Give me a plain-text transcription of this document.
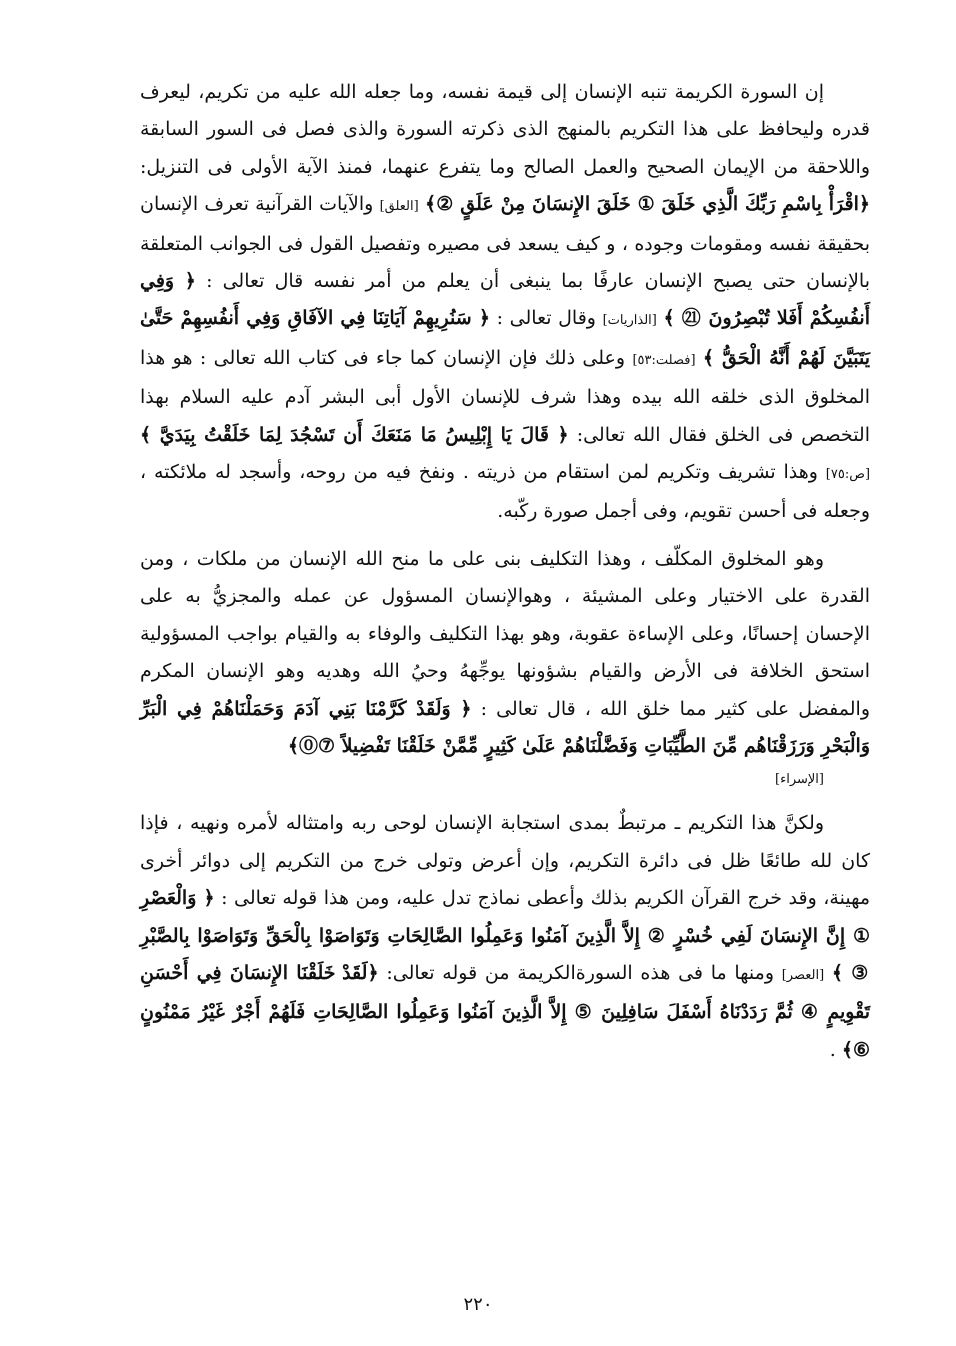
إن السورة الكريمة تنبه الإنسان إلى قيمة نفسه، وما جعله الله عليه من تكريم، ليعرف قدره وليحافظ على هذا التكريم بالمنهج الذى ذكرته السورة والذى فصل فى السور السابقة واللاحقة من الإيمان الصحيح والعمل الصالح وما يتفرع عنهما، فمنذ الآية الأولى فى التنزيل: ﴿اقْرَأْ بِاسْمِ رَبِّكَ الَّذِي خَلَقَ ① خَلَقَ الإِنسَانَ مِنْ عَلَقٍ ②﴾ [العلق] والآيات القرآنية تعرف الإنسان بحقيقة نفسه ومقومات وجوده ، و كيف يسعد فى مصيره وتفصيل القول فى الجوانب المتعلقة بالإنسان حتى يصبح الإنسان عارفًا بما ينبغى أن يعلم من أمر نفسه قال تعالى : ﴿ وَفِي أَنفُسِكُمْ أَفَلا تُبْصِرُونَ ㉑ ﴾ [الذاريات] وقال تعالى : ﴿ سَنُرِيهِمْ آيَاتِنَا فِي الآفَاقِ وَفِي أَنفُسِهِمْ حَتَّىٰ يَتَبَيَّنَ لَهُمْ أَنَّهُ الْحَقُّ ﴾ [فصلت:٥٣] وعلى ذلك فإن الإنسان كما جاء فى كتاب الله تعالى : هو هذا المخلوق الذى خلقه الله بيده وهذا شرف للإنسان الأول أبى البشر آدم عليه السلام بهذا التخصص فى الخلق فقال الله تعالى: ﴿ قَالَ يَا إِبْلِيسُ مَا مَنَعَكَ أَن تَسْجُدَ لِمَا خَلَقْتُ بِيَدَيَّ ﴾ [ص:٧٥] وهذا تشريف وتكريم لمن استقام من ذريته . ونفخ فيه من روحه، وأسجد له ملائكته ، وجعله فى أحسن تقويم، وفى أجمل صورة ركّبه.

وهو المخلوق المكلّف ، وهذا التكليف بنى على ما منح الله الإنسان من ملكات ، ومن القدرة على الاختيار وعلى المشيئة ، وهوالإنسان المسؤول عن عمله والمجزيُّ به على الإحسان إحسانًا، وعلى الإساءة عقوبة، وهو بهذا التكليف والوفاء به والقيام بواجب المسؤولية استحق الخلافة فى الأرض والقيام بشؤونها يوجِّههُ وحيُ الله وهديه وهو الإنسان المكرم والمفضل على كثير مما خلق الله ، قال تعالى : ﴿ وَلَقَدْ كَرَّمْنَا بَنِي آدَمَ وَحَمَلْنَاهُمْ فِي الْبَرِّ وَالْبَحْرِ وَرَزَقْنَاهُم مِّنَ الطَّيِّبَاتِ وَفَضَّلْنَاهُمْ عَلَىٰ كَثِيرٍ مِّمَّنْ خَلَقْنَا تَفْضِيلاً ⑦⓪﴾
[الإسراء]

ولكنَّ هذا التكريم ـ مرتبطٌ بمدى استجابة الإنسان لوحى ربه وامتثاله لأمره ونهيه ، فإذا كان لله طائعًا ظل فى دائرة التكريم، وإن أعرض وتولى خرج من التكريم إلى دوائر أخرى مهينة، وقد خرج القرآن الكريم بذلك وأعطى نماذج تدل عليه، ومن هذا قوله تعالى : ﴿ وَالْعَصْرِ ① إِنَّ الإِنسَانَ لَفِي خُسْرٍ ② إِلاَّ الَّذِينَ آمَنُوا وَعَمِلُوا الصَّالِحَاتِ وَتَوَاصَوْا بِالْحَقِّ وَتَوَاصَوْا بِالصَّبْرِ ③ ﴾ [العصر] ومنها ما فى هذه السورةالكريمة من قوله تعالى: ﴿لَقَدْ خَلَقْنَا الإِنسَانَ فِي أَحْسَنِ تَقْوِيمٍ ④ ثُمَّ رَدَدْنَاهُ أَسْفَلَ سَافِلِينَ ⑤ إِلاَّ الَّذِينَ آمَنُوا وَعَمِلُوا الصَّالِحَاتِ فَلَهُمْ أَجْرٌ غَيْرُ مَمْنُونٍ ⑥﴾ .

٢٢٠
